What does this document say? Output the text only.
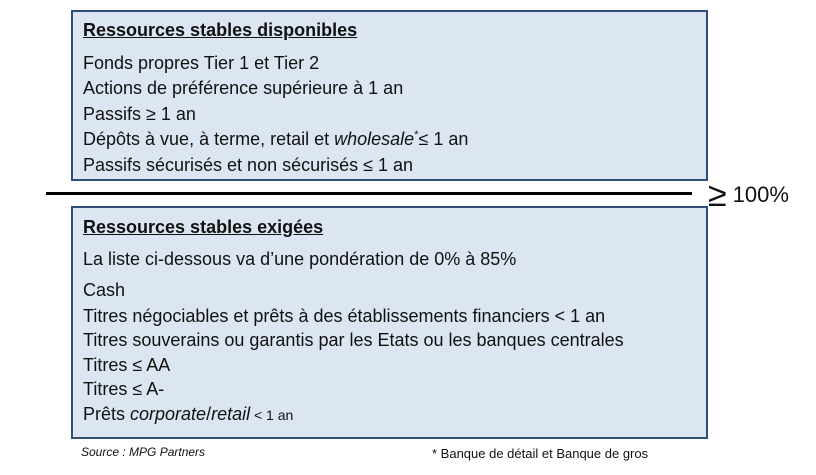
Ressources stables disponibles
Fonds propres Tier 1 et Tier 2
Actions de préférence supérieure à 1 an
Passifs ≥ 1 an
Dépôts à vue, à terme, retail et wholesale*≤ 1 an
Passifs sécurisés et non sécurisés ≤ 1 an
≥ 100%
Ressources stables exigées
La liste ci-dessous va d’une pondération de 0% à 85%
Cash
Titres négociables et prêts à des établissements financiers < 1 an
Titres souverains ou garantis par les Etats ou les banques centrales
Titres ≤ AA
Titres ≤ A-
Prêts corporate/retail < 1 an
Source : MPG Partners	* Banque de détail et Banque de gros
